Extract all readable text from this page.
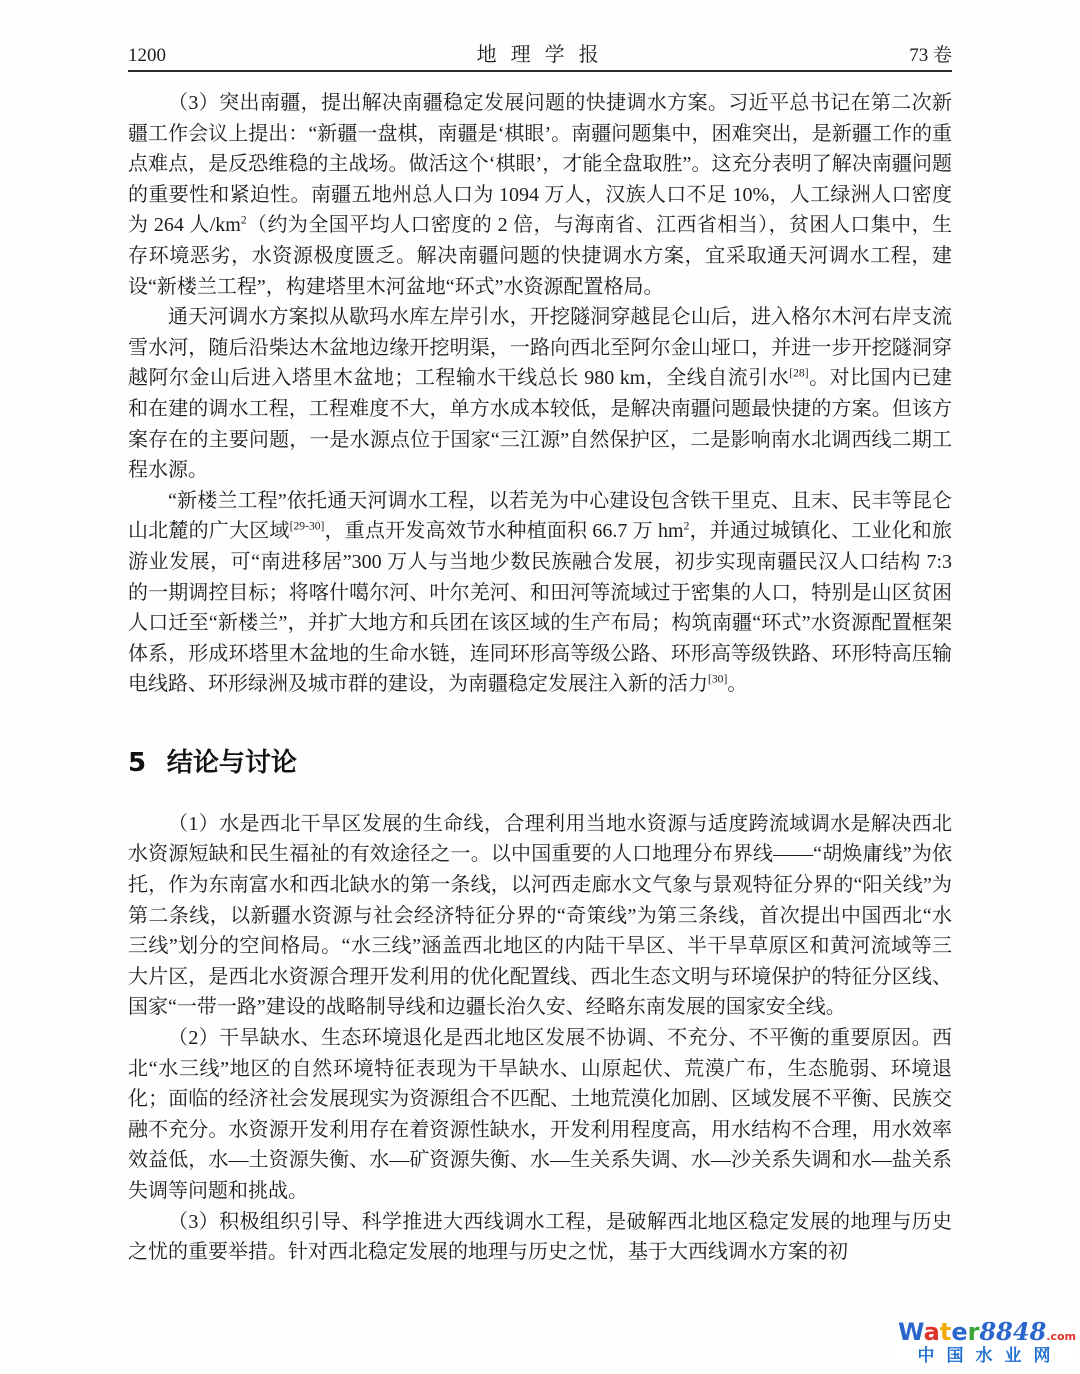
1200	地理学报	73 卷

（3）突出南疆，提出解决南疆稳定发展问题的快捷调水方案。习近平总书记在第二次新疆工作会议上提出：“新疆一盘棋，南疆是‘棋眼’。南疆问题集中，困难突出，是新疆工作的重点难点，是反恐维稳的主战场。做活这个‘棋眼’，才能全盘取胜”。这充分表明了解决南疆问题的重要性和紧迫性。南疆五地州总人口为 1094 万人，汉族人口不足 10%，人工绿洲人口密度为 264 人$/km^2$（约为全国平均人口密度的 2 倍，与海南省、江西省相当），贫困人口集中，生存环境恶劣，水资源极度匮乏。解决南疆问题的快捷调水方案，宜采取通天河调水工程，建设“新楼兰工程”，构建塔里木河盆地“环式”水资源配置格局。

通天河调水方案拟从歇玛水库左岸引水，开挖隧洞穿越昆仑山后，进入格尔木河右岸支流雪水河，随后沿柴达木盆地边缘开挖明渠，一路向西北至阿尔金山垭口，并进一步开挖隧洞穿越阿尔金山后进入塔里木盆地；工程输水干线总长 980 km，全线自流引水[28]。对比国内已建和在建的调水工程，工程难度不大，单方水成本较低，是解决南疆问题最快捷的方案。但该方案存在的主要问题，一是水源点位于国家“三江源”自然保护区，二是影响南水北调西线二期工程水源。

“新楼兰工程”依托通天河调水工程，以若羌为中心建设包含铁干里克、且末、民丰等昆仑山北麓的广大区域[29-30]，重点开发高效节水种植面积 66.7 万 $hm^2$，并通过城镇化、工业化和旅游业发展，可“南进移居”300 万人与当地少数民族融合发展，初步实现南疆民汉人口结构 7:3 的一期调控目标；将喀什噶尔河、叶尔羌河、和田河等流域过于密集的人口，特别是山区贫困人口迁至“新楼兰”，并扩大地方和兵团在该区域的生产布局；构筑南疆“环式”水资源配置框架体系，形成环塔里木盆地的生命水链，连同环形高等级公路、环形高等级铁路、环形特高压输电线路、环形绿洲及城市群的建设，为南疆稳定发展注入新的活力[30]。

5 结论与讨论

（1）水是西北干旱区发展的生命线，合理利用当地水资源与适度跨流域调水是解决西北水资源短缺和民生福祉的有效途径之一。以中国重要的人口地理分布界线——“胡焕庸线”为依托，作为东南富水和西北缺水的第一条线，以河西走廊水文气象与景观特征分界的“阳关线”为第二条线，以新疆水资源与社会经济特征分界的“奇策线”为第三条线，首次提出中国西北“水三线”划分的空间格局。“水三线”涵盖西北地区的内陆干旱区、半干旱草原区和黄河流域等三大片区，是西北水资源合理开发利用的优化配置线、西北生态文明与环境保护的特征分区线、国家“一带一路”建设的战略制导线和边疆长治久安、经略东南发展的国家安全线。

（2）干旱缺水、生态环境退化是西北地区发展不协调、不充分、不平衡的重要原因。西北“水三线”地区的自然环境特征表现为干旱缺水、山原起伏、荒漠广布，生态脆弱、环境退化；面临的经济社会发展现实为资源组合不匹配、土地荒漠化加剧、区域发展不平衡、民族交融不充分。水资源开发利用存在着资源性缺水，开发利用程度高，用水结构不合理，用水效率效益低，水—土资源失衡、水—矿资源失衡、水—生关系失调、水—沙关系失调和水—盐关系失调等问题和挑战。

（3）积极组织引导、科学推进大西线调水工程，是破解西北地区稳定发展的地理与历史之忧的重要举措。针对西北稳定发展的地理与历史之忧，基于大西线调水方案的初

Water8848.com
中国水业网
